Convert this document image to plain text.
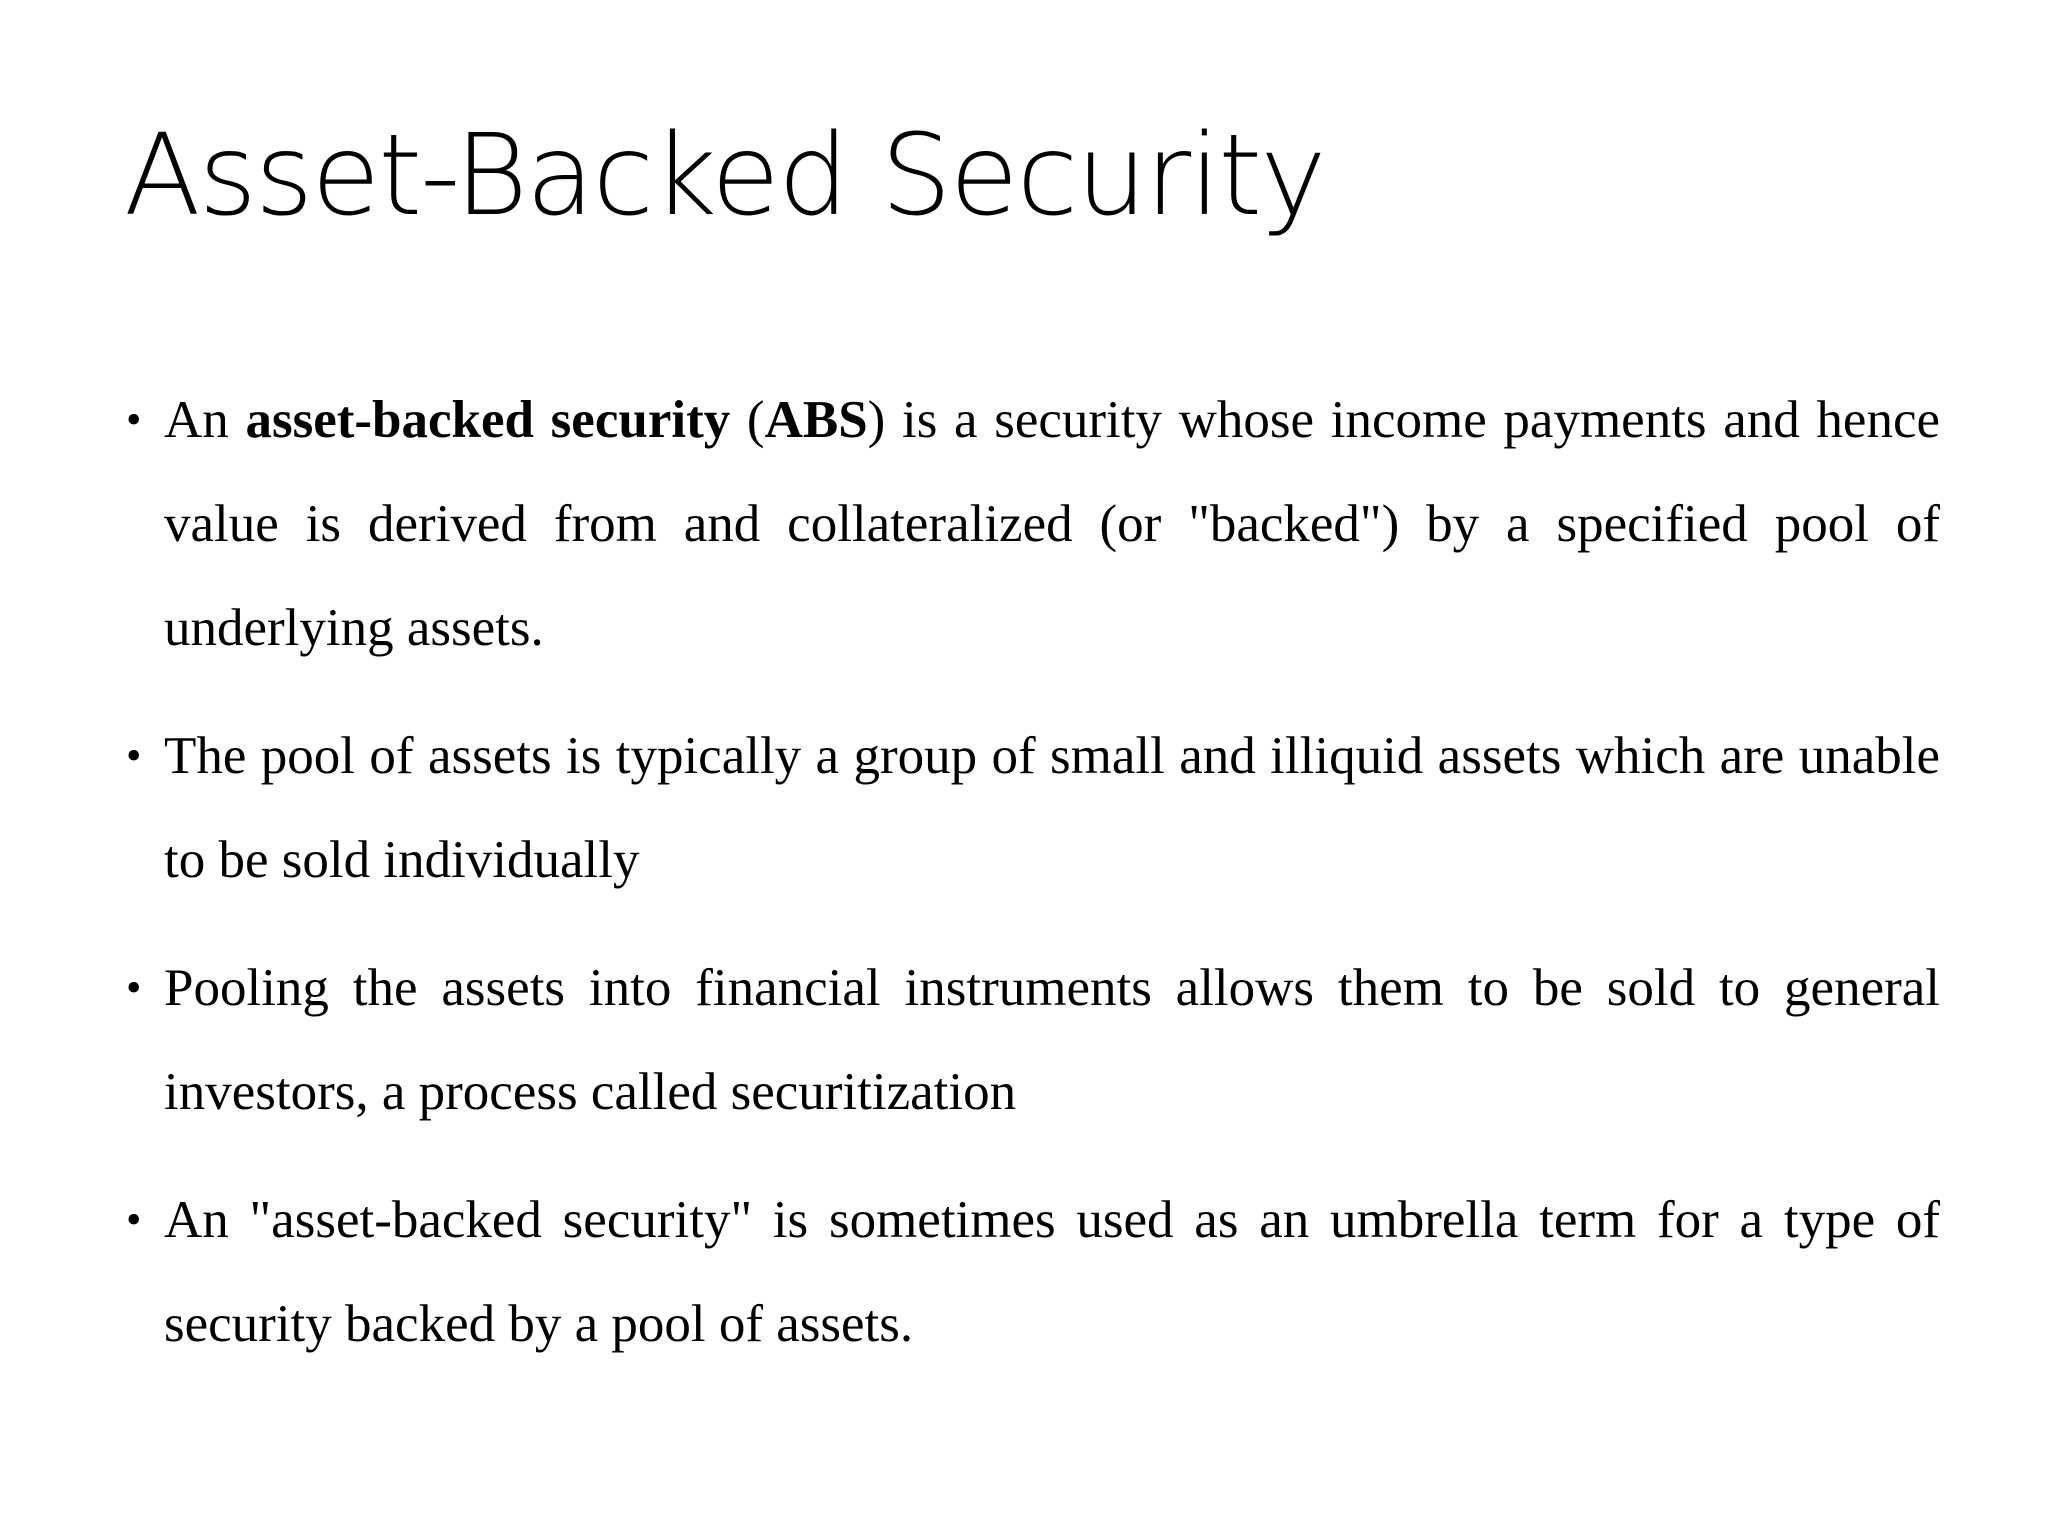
Asset-Backed Security
• An asset-backed security (ABS) is a security whose income payments and hence value is derived from and collateralized (or "backed") by a specified pool of underlying assets.
• The pool of assets is typically a group of small and illiquid assets which are unable to be sold individually
• Pooling the assets into financial instruments allows them to be sold to general investors, a process called securitization
• An "asset-backed security" is sometimes used as an umbrella term for a type of security backed by a pool of assets.
